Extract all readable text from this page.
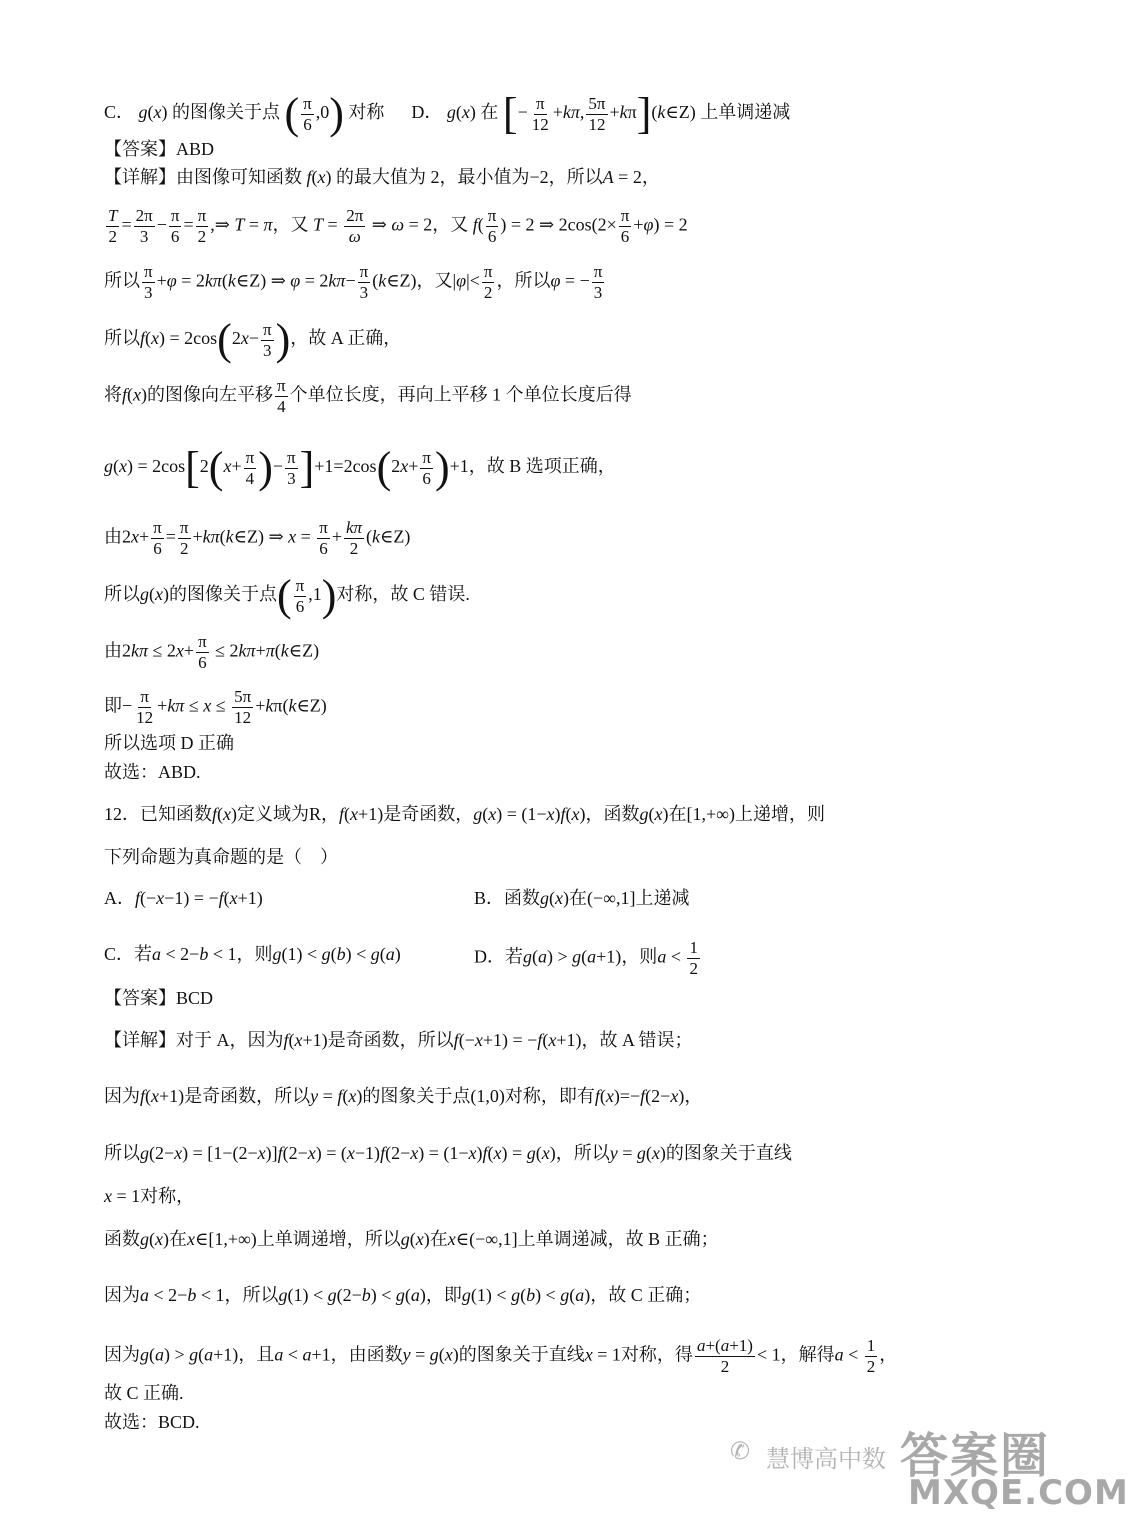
C． g(x) 的图像关于点 ( $\frac{\pi}{6} ,0$) 对称 D． g(x) 在 [− $\frac{\pi}{12} +k\pi$, $\frac{5\pi}{12}$ +kπ](k∈Z) 上单调递减
【答案】ABD
【详解】由图像可知函数 f(x) 的最大值为 2，最小值为−2，所以A = 2，
$\frac{T}{2} = \frac{2\pi}{3} - \frac{\pi}{6} = \frac{\pi}{2}$ ,⇒ T = π，又 $T = \frac{2\pi}{\omega}$ ⇒ ω = 2，又 $f( \frac{\pi}{6}$ ) = 2 ⇒ $2\cos(2\times \frac{\pi}{6} +\varphi) = 2$
所以 $\frac{\pi}{3} +\varphi$ = 2kπ(k∈Z) ⇒ $\varphi = 2k\pi- \frac{\pi}{3}$ (k∈Z)，又$|\varphi|< \frac{\pi}{2}$ ，所以φ = − $\frac{\pi}{3}$
所以$f(x) = 2\cos(2x- \frac{\pi}{3}$ )，故 A 正确，
将f(x)的图像向左平移 $\frac{\pi}{4}$ 个单位长度，再向上平移 1 个单位长度后得
$g(x) = 2\cos[2(x+ \frac{\pi}{4}$ )− $\frac{\pi}{3} ]+1=2\cos(2x+ \frac{\pi}{6} )+1$，故 B 选项正确，
由$2x+ \frac{\pi}{6} = \frac{\pi}{2}$ +kπ(k∈Z) ⇒ $x = \frac{\pi}{6} + \frac{k\pi}{2}$ (k∈Z)
所以g(x)的图像关于点( $\frac{\pi}{6} ,1$)对称，故 C 错误.
由$2k\pi \le 2x+ \frac{\pi}{6}$ ≤ 2kπ+π(k∈Z)
即− $\frac{\pi}{12} +k\pi \le x \le \frac{5\pi}{12}$ +kπ(k∈Z)
所以选项 D 正确
故选：ABD.
12．已知函数f(x)定义域为R，f(x+1)是奇函数，g(x) = (1−x)f(x)，函数g(x)在[1,+∞)上递增，则
下列命题为真命题的是（　）
A．f(−x−1) = −f(x+1)	B．函数g(x)在(−∞,1]上递减
C．若a < 2−b < 1，则g(1) < g(b) < g(a)	D．若g(a) > g(a+1)，则$a < \frac{1}{2}$
【答案】BCD
【详解】对于 A，因为f(x+1)是奇函数，所以f(−x+1) = −f(x+1)，故 A 错误；
因为f(x+1)是奇函数，所以y = f(x)的图象关于点(1,0)对称，即有f(x)=−f(2−x)，
所以g(2−x) = [1−(2−x)]f(2−x) = (x−1)f(2−x) = (1−x)f(x) = g(x)，所以y = g(x)的图象关于直线
x = 1对称，
函数g(x)在x∈[1,+∞)上单调递增，所以g(x)在x∈(−∞,1]上单调递减，故 B 正确；
因为a < 2−b < 1，所以g(1) < g(2−b) < g(a)，即g(1) < g(b) < g(a)，故 C 正确；
因为g(a) > g(a+1)，且a < a+1，由函数y = g(x)的图象关于直线x = 1对称，得 $\frac{a+(a+1)}{2} < 1$，解得$a < \frac{1}{2}$ ，
故 C 正确.
故选：BCD.
✆ 慧博高中数 答案圈
MXQE.COM
